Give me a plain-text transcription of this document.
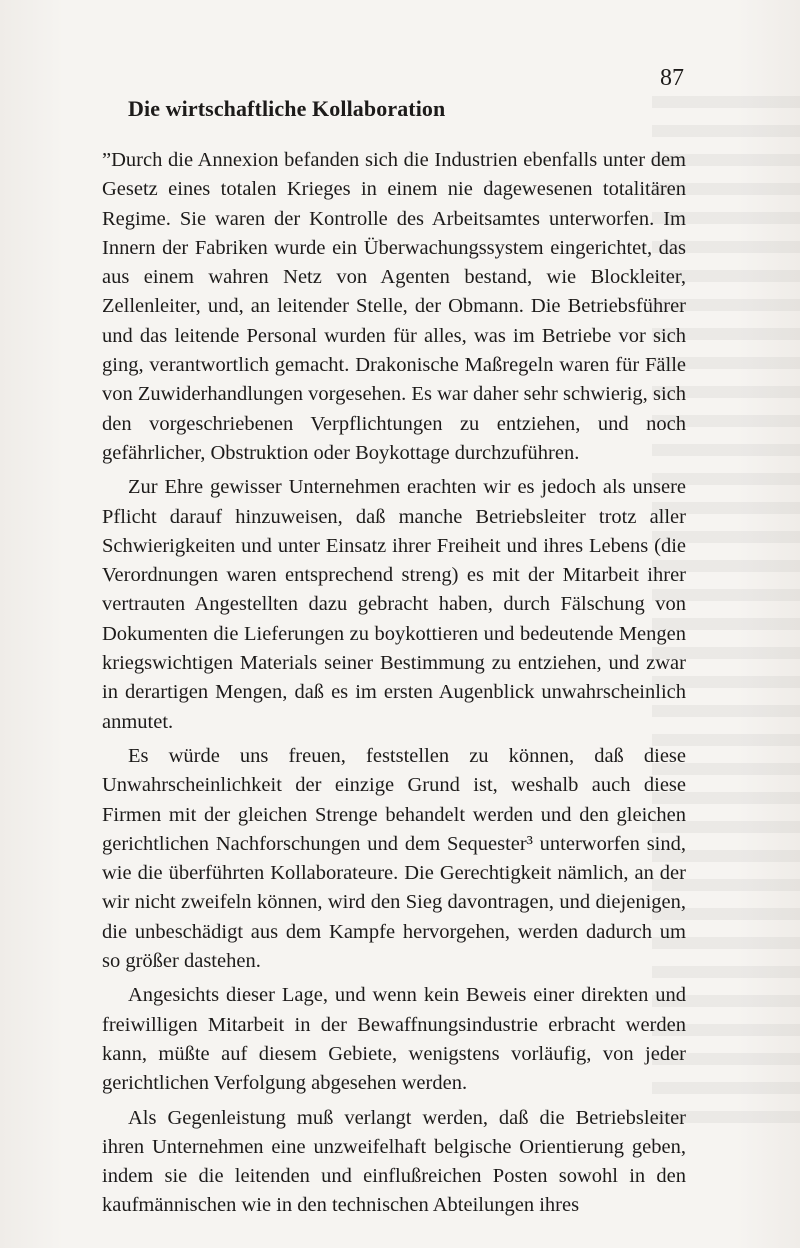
87
Die wirtschaftliche Kollaboration

”Durch die Annexion befanden sich die Industrien ebenfalls unter dem Gesetz eines totalen Krieges in einem nie dagewesenen totalitären Regime. Sie waren der Kontrolle des Arbeitsamtes unterworfen. Im Innern der Fabriken wurde ein Überwachungssystem eingerichtet, das aus einem wahren Netz von Agenten bestand, wie Blockleiter, Zellenleiter, und, an leitender Stelle, der Obmann. Die Betriebsführer und das leitende Personal wurden für alles, was im Betriebe vor sich ging, verantwortlich gemacht. Drakonische Maßregeln waren für Fälle von Zuwiderhandlungen vorgesehen. Es war daher sehr schwierig, sich den vorgeschriebenen Verpflichtungen zu entziehen, und noch gefährlicher, Obstruktion oder Boykottage durchzuführen.

Zur Ehre gewisser Unternehmen erachten wir es jedoch als unsere Pflicht darauf hinzuweisen, daß manche Betriebsleiter trotz aller Schwierigkeiten und unter Einsatz ihrer Freiheit und ihres Lebens (die Verordnungen waren entsprechend streng) es mit der Mitarbeit ihrer vertrauten Angestellten dazu gebracht haben, durch Fälschung von Dokumenten die Lieferungen zu boykottieren und bedeutende Mengen kriegswichtigen Materials seiner Bestimmung zu entziehen, und zwar in derartigen Mengen, daß es im ersten Augenblick unwahrscheinlich anmutet.

Es würde uns freuen, feststellen zu können, daß diese Unwahrscheinlichkeit der einzige Grund ist, weshalb auch diese Firmen mit der gleichen Strenge behandelt werden und den gleichen gerichtlichen Nachforschungen und dem Sequester³ unterworfen sind, wie die überführten Kollaborateure. Die Gerechtigkeit nämlich, an der wir nicht zweifeln können, wird den Sieg davontragen, und diejenigen, die unbeschädigt aus dem Kampfe hervorgehen, werden dadurch um so größer dastehen.

Angesichts dieser Lage, und wenn kein Beweis einer direkten und freiwilligen Mitarbeit in der Bewaffnungsindustrie erbracht werden kann, müßte auf diesem Gebiete, wenigstens vorläufig, von jeder gerichtlichen Verfolgung abgesehen werden.

Als Gegenleistung muß verlangt werden, daß die Betriebsleiter ihren Unternehmen eine unzweifelhaft belgische Orientierung geben, indem sie die leitenden und einflußreichen Posten sowohl in den kaufmännischen wie in den technischen Abteilungen ihres
